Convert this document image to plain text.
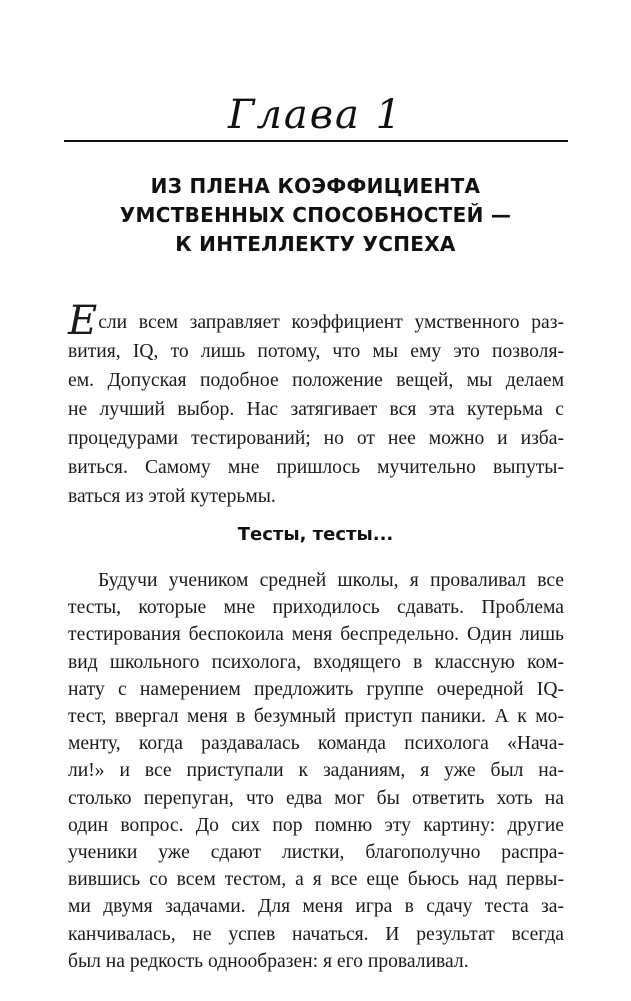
Глава 1
ИЗ ПЛЕНА КОЭФФИЦИЕНТА
УМСТВЕННЫХ СПОСОБНОСТЕЙ —
К ИНТЕЛЛЕКТУ УСПЕХА
Если всем заправляет коэффициент умственного раз-
вития, IQ, то лишь потому, что мы ему это позволя-
ем. Допуская подобное положение вещей, мы делаем
не лучший выбор. Нас затягивает вся эта кутерьма с
процедурами тестирований; но от нее можно и избa-
виться. Самому мне пришлось мучительно выпуты-
ваться из этой кутерьмы.
Тесты, тесты...
Будучи учеником средней школы, я проваливал все
тесты, которые мне приходилось сдавать. Проблема
тестирования беспокоила меня беспредельно. Один лишь
вид школьного психолога, входящего в классную ком-
нату с намерением предложить группе очередной IQ-
тест, ввергал меня в безумный приступ паники. А к мо-
менту, когда раздавалась команда психолога «Нача-
ли!» и все приступали к заданиям, я уже был на-
столько перепуган, что едва мог бы ответить хоть на
один вопрос. До сих пор помню эту картину: другие
ученики уже сдают листки, благополучно распра-
вившись со всем тестом, а я все еще бьюсь над первы-
ми двумя задачами. Для меня игра в сдачу теста за-
канчивалась, не успев начаться. И результат всегда
был на редкость однообразен: я его проваливал.
